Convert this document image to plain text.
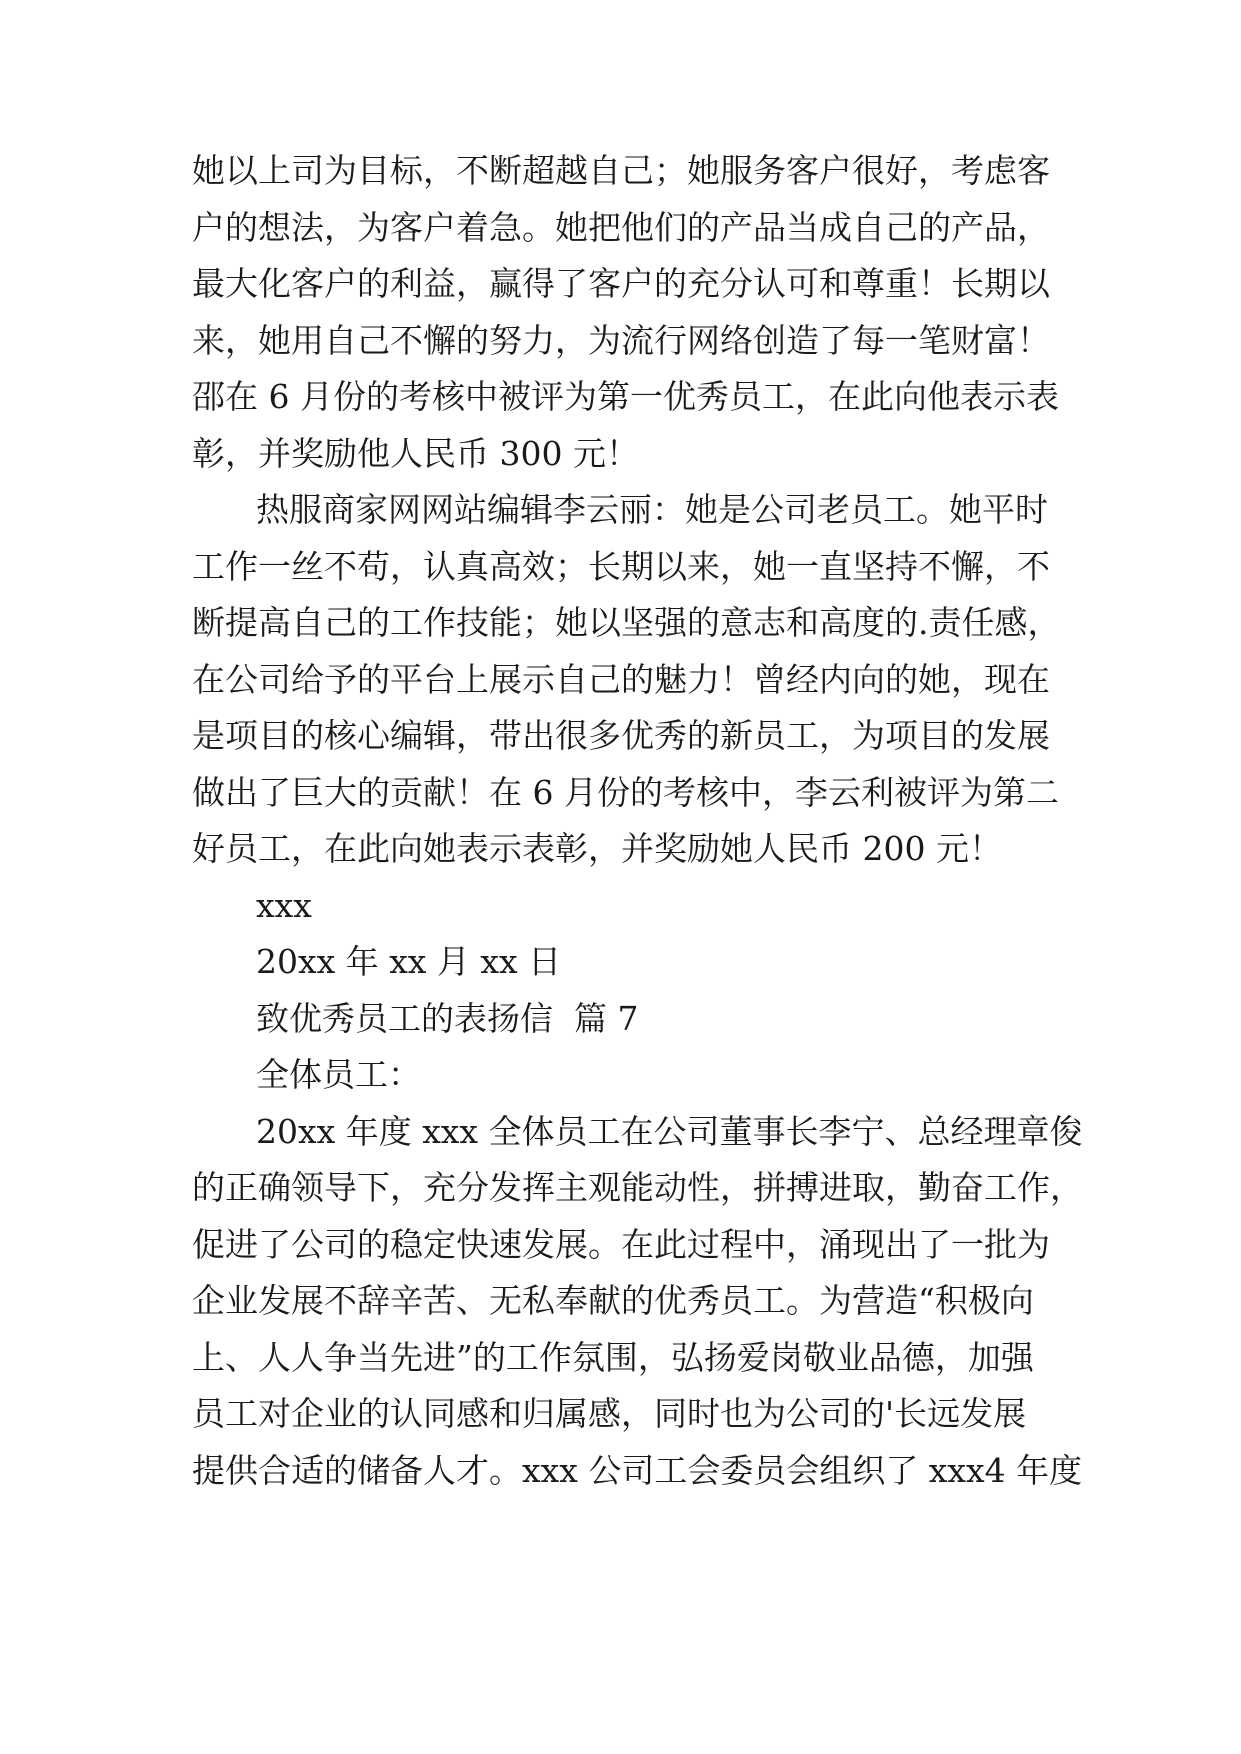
她以上司为目标，不断超越自己；她服务客户很好，考虑客
户的想法，为客户着急。她把他们的产品当成自己的产品，
最大化客户的利益，赢得了客户的充分认可和尊重！长期以
来，她用自己不懈的努力，为流行网络创造了每一笔财富！
邵在 6 月份的考核中被评为第一优秀员工，在此向他表示表
彰，并奖励他人民币 300 元！
热服商家网网站编辑李云丽：她是公司老员工。她平时
工作一丝不苟，认真高效；长期以来，她一直坚持不懈，不
断提高自己的工作技能；她以坚强的意志和高度的.责任感，
在公司给予的平台上展示自己的魅力！曾经内向的她，现在
是项目的核心编辑，带出很多优秀的新员工，为项目的发展
做出了巨大的贡献！在 6 月份的考核中，李云利被评为第二
好员工，在此向她表示表彰，并奖励她人民币 200 元！
xxx
20xx 年 xx 月 xx 日
致优秀员工的表扬信  篇 7
全体员工：
20xx 年度 xxx 全体员工在公司董事长李宁、总经理章俊
的正确领导下，充分发挥主观能动性，拼搏进取，勤奋工作，
促进了公司的稳定快速发展。在此过程中，涌现出了一批为
企业发展不辞辛苦、无私奉献的优秀员工。为营造“积极向
上、人人争当先进”的工作氛围，弘扬爱岗敬业品德，加强
员工对企业的认同感和归属感，同时也为公司的'长远发展
提供合适的储备人才。xxx 公司工会委员会组织了 xxx4 年度
